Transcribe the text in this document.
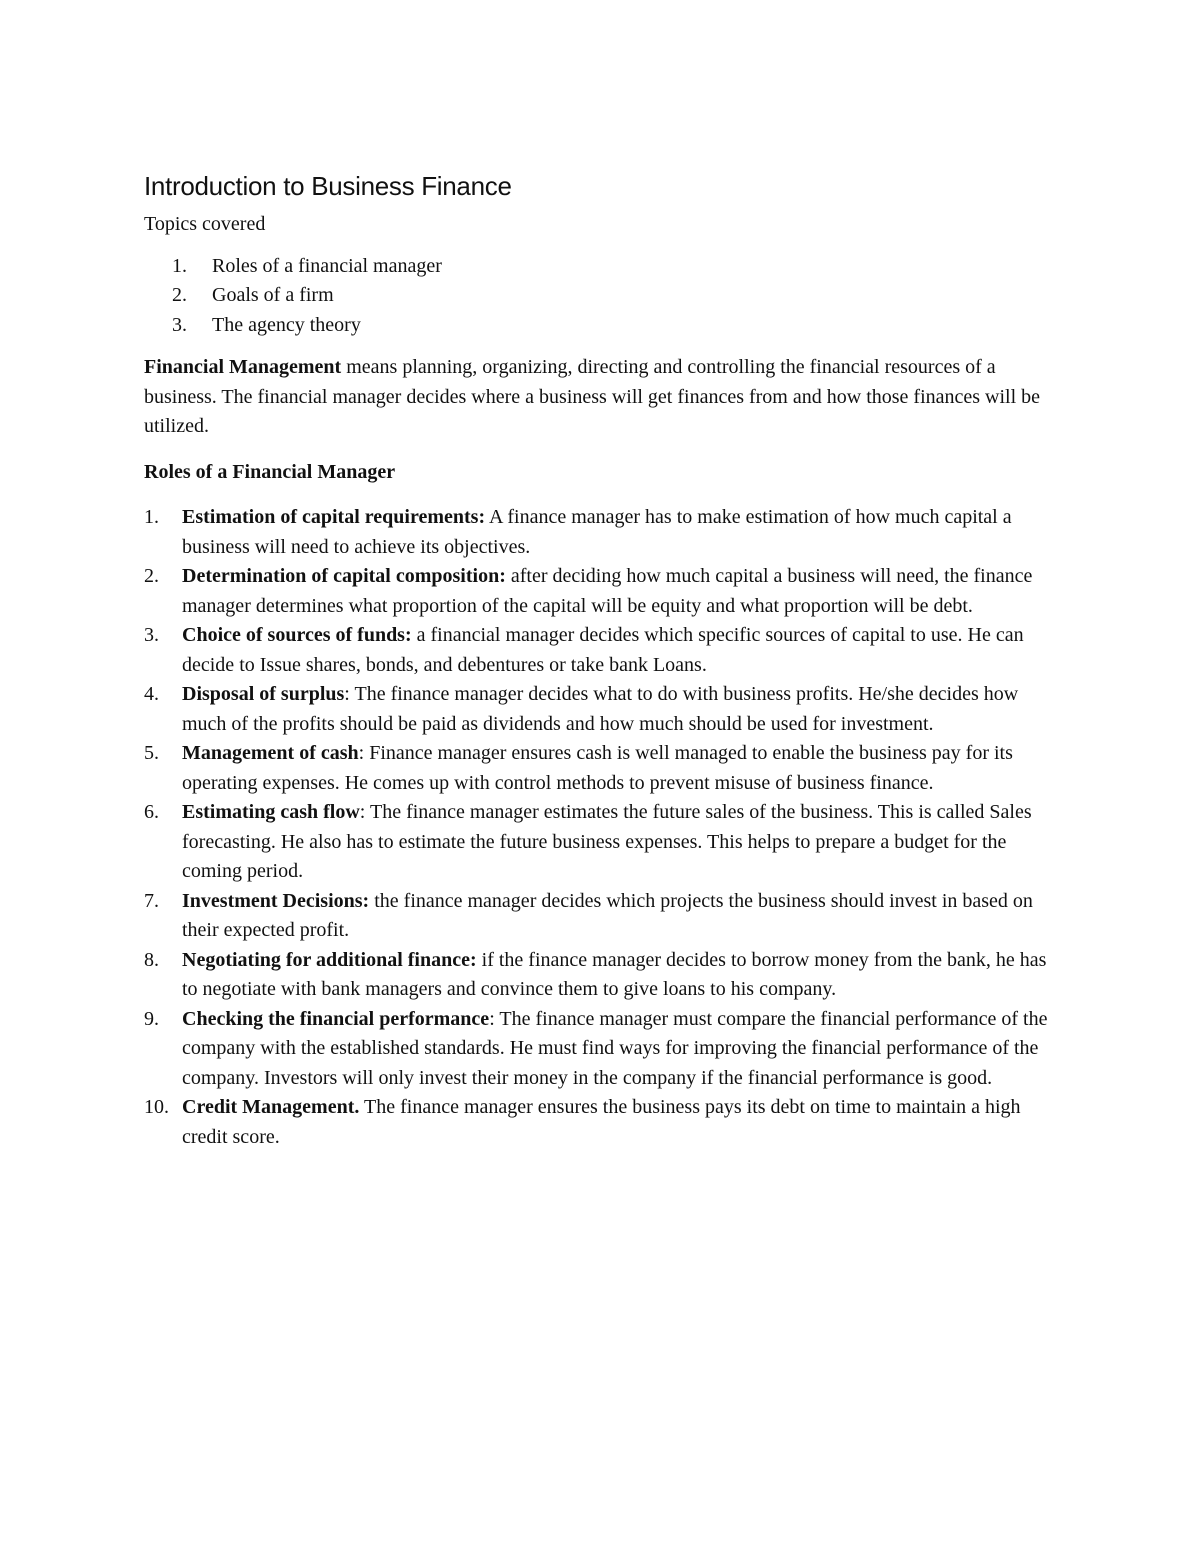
Introduction to Business Finance

Topics covered

1.	Roles of a financial manager
2.	Goals of a firm
3.	The agency theory

Financial Management means planning, organizing, directing and controlling the financial resources of a business. The financial manager decides where a business will get finances from and how those finances will be utilized.

Roles of a Financial Manager

1.	Estimation of capital requirements: A finance manager has to make estimation of how much capital a business will need to achieve its objectives.
2.	Determination of capital composition: after deciding how much capital a business will need, the finance manager determines what proportion of the capital will be equity and what proportion will be debt.
3.	Choice of sources of funds: a financial manager decides which specific sources of capital to use. He can decide to Issue shares, bonds, and debentures or take bank Loans.
4.	Disposal of surplus: The finance manager decides what to do with business profits. He/she decides how much of the profits should be paid as dividends and how much should be used for investment.
5.	Management of cash: Finance manager ensures cash is well managed to enable the business pay for its operating expenses. He comes up with control methods to prevent misuse of business finance.
6.	Estimating cash flow: The finance manager estimates the future sales of the business. This is called Sales forecasting. He also has to estimate the future business expenses. This helps to prepare a budget for the coming period.
7.	Investment Decisions: the finance manager decides which projects the business should invest in based on their expected profit.
8.	Negotiating for additional finance: if the finance manager decides to borrow money from the bank, he has to negotiate with bank managers and convince them to give loans to his company.
9.	Checking the financial performance: The finance manager must compare the financial performance of the company with the established standards. He must find ways for improving the financial performance of the company. Investors will only invest their money in the company if the financial performance is good.
10. Credit Management. The finance manager ensures the business pays its debt on time to maintain a high credit score.
